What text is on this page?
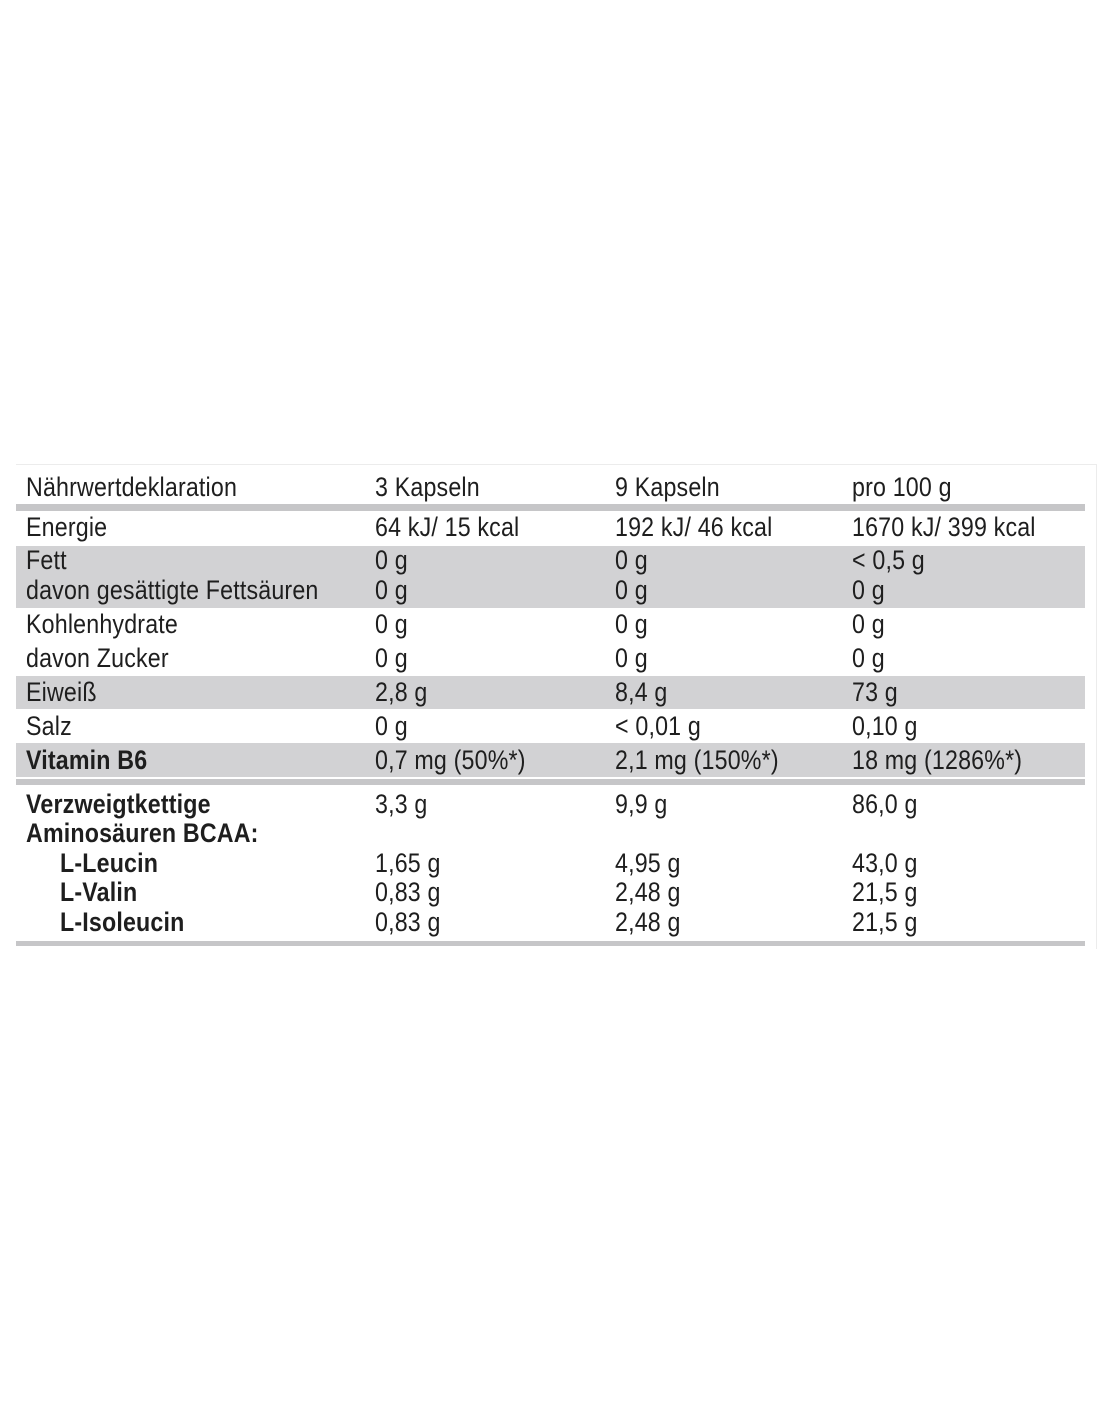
Nährwertdeklaration	3 Kapseln	9 Kapseln	pro 100 g
Energie	64 kJ/ 15 kcal	192 kJ/ 46 kcal	1670 kJ/ 399 kcal
Fett	0 g	0 g	< 0,5 g
davon gesättigte Fettsäuren 0 g	0 g	0 g
Kohlenhydrate	0 g	0 g	0 g
davon Zucker	0 g	0 g	0 g
Eiweiß	2,8 g	8,4 g	73 g
Salz	0 g	< 0,01 g	0,10 g
Vitamin B6	0,7 mg (50%*)	2,1 mg (150%*)	18 mg (1286%*)
Verzweigtkettige	3,3 g	9,9 g	86,0 g
Aminosäuren BCAA:
L-Leucin	1,65 g	4,95 g	43,0 g
L-Valin	0,83 g	2,48 g	21,5 g
L-Isoleucin	0,83 g	2,48 g	21,5 g
